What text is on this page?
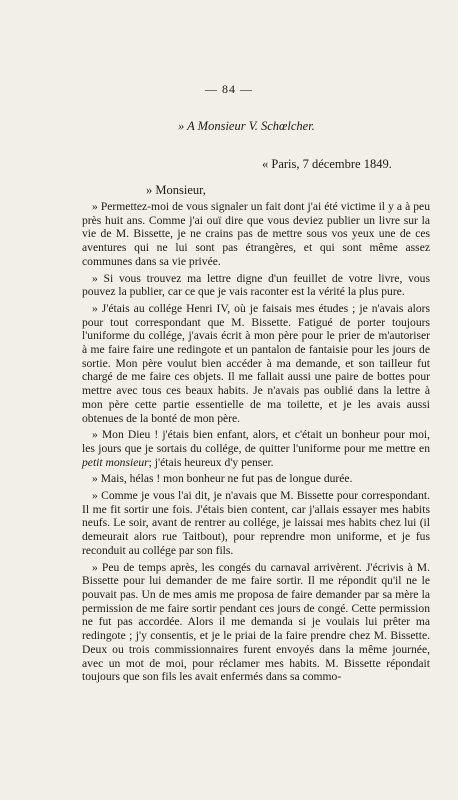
— 84 —
» A Monsieur V. Schœlcher.
« Paris, 7 décembre 1849.
» Monsieur,

» Permettez-moi de vous signaler un fait dont j'ai été victime il y a à peu près huit ans. Comme j'ai ouï dire que vous deviez publier un livre sur la vie de M. Bissette, je ne crains pas de mettre sous vos yeux une de ces aventures qui ne lui sont pas étrangères, et qui sont même assez communes dans sa vie privée.

» Si vous trouvez ma lettre digne d'un feuillet de votre livre, vous pouvez la publier, car ce que je vais raconter est la vérité la plus pure.

» J'étais au collége Henri IV, où je faisais mes études ; je n'avais alors pour tout correspondant que M. Bissette. Fatigué de porter toujours l'uniforme du collége, j'avais écrit à mon père pour le prier de m'autoriser à me faire faire une redingote et un pantalon de fantaisie pour les jours de sortie. Mon père voulut bien accéder à ma demande, et son tailleur fut chargé de me faire ces objets. Il me fallait aussi une paire de bottes pour mettre avec tous ces beaux habits. Je n'avais pas oublié dans la lettre à mon père cette partie essentielle de ma toilette, et je les avais aussi obtenues de la bonté de mon père.

» Mon Dieu ! j'étais bien enfant, alors, et c'était un bonheur pour moi, les jours que je sortais du collége, de quitter l'uniforme pour me mettre en petit monsieur; j'étais heureux d'y penser.

» Mais, hélas ! mon bonheur ne fut pas de longue durée.

» Comme je vous l'ai dit, je n'avais que M. Bissette pour correspondant. Il me fit sortir une fois. J'étais bien content, car j'allais essayer mes habits neufs. Le soir, avant de rentrer au collége, je laissai mes habits chez lui (il demeurait alors rue Taitbout), pour reprendre mon uniforme, et je fus reconduit au collége par son fils.

» Peu de temps après, les congés du carnaval arrivèrent. J'écrivis à M. Bissette pour lui demander de me faire sortir. Il me répondit qu'il ne le pouvait pas. Un de mes amis me proposa de faire demander par sa mère la permission de me faire sortir pendant ces jours de congé. Cette permission ne fut pas accordée. Alors il me demanda si je voulais lui prêter ma redingote ; j'y consentis, et je le priai de la faire prendre chez M. Bissette. Deux ou trois commissionnaires furent envoyés dans la même journée, avec un mot de moi, pour réclamer mes habits. M. Bissette répondait toujours que son fils les avait enfermés dans sa commo-
